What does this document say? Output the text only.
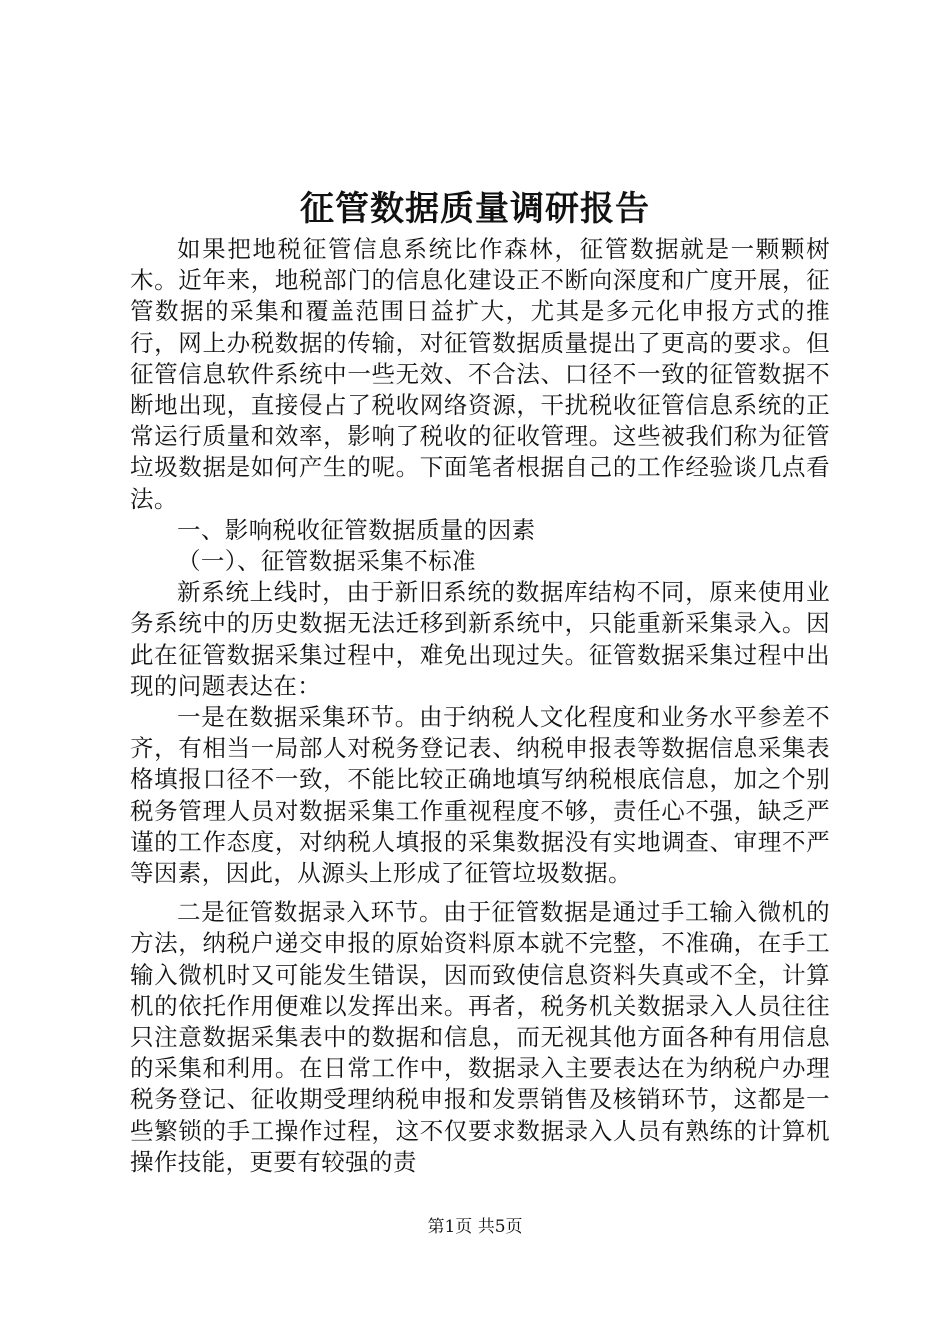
征管数据质量调研报告

如果把地税征管信息系统比作森林，征管数据就是一颗颗树木。近年来，地税部门的信息化建设正不断向深度和广度开展，征管数据的采集和覆盖范围日益扩大，尤其是多元化申报方式的推行，网上办税数据的传输，对征管数据质量提出了更高的要求。但征管信息软件系统中一些无效、不合法、口径不一致的征管数据不断地出现，直接侵占了税收网络资源，干扰税收征管信息系统的正常运行质量和效率，影响了税收的征收管理。这些被我们称为征管垃圾数据是如何产生的呢。下面笔者根据自己的工作经验谈几点看法。

一、影响税收征管数据质量的因素

（一）、征管数据采集不标准

新系统上线时，由于新旧系统的数据库结构不同，原来使用业务系统中的历史数据无法迁移到新系统中，只能重新采集录入。因此在征管数据采集过程中，难免出现过失。征管数据采集过程中出现的问题表达在：

一是在数据采集环节。由于纳税人文化程度和业务水平参差不齐，有相当一局部人对税务登记表、纳税申报表等数据信息采集表格填报口径不一致，不能比较正确地填写纳税根底信息，加之个别税务管理人员对数据采集工作重视程度不够，责任心不强，缺乏严谨的工作态度，对纳税人填报的采集数据没有实地调查、审理不严等因素，因此，从源头上形成了征管垃圾数据。

二是征管数据录入环节。由于征管数据是通过手工输入微机的方法，纳税户递交申报的原始资料原本就不完整，不准确，在手工输入微机时又可能发生错误，因而致使信息资料失真或不全，计算机的依托作用便难以发挥出来。再者，税务机关数据录入人员往往只注意数据采集表中的数据和信息，而无视其他方面各种有用信息的采集和利用。在日常工作中，数据录入主要表达在为纳税户办理税务登记、征收期受理纳税申报和发票销售及核销环节，这都是一些繁锁的手工操作过程，这不仅要求数据录入人员有熟练的计算机操作技能，更要有较强的责

第1页 共5页
